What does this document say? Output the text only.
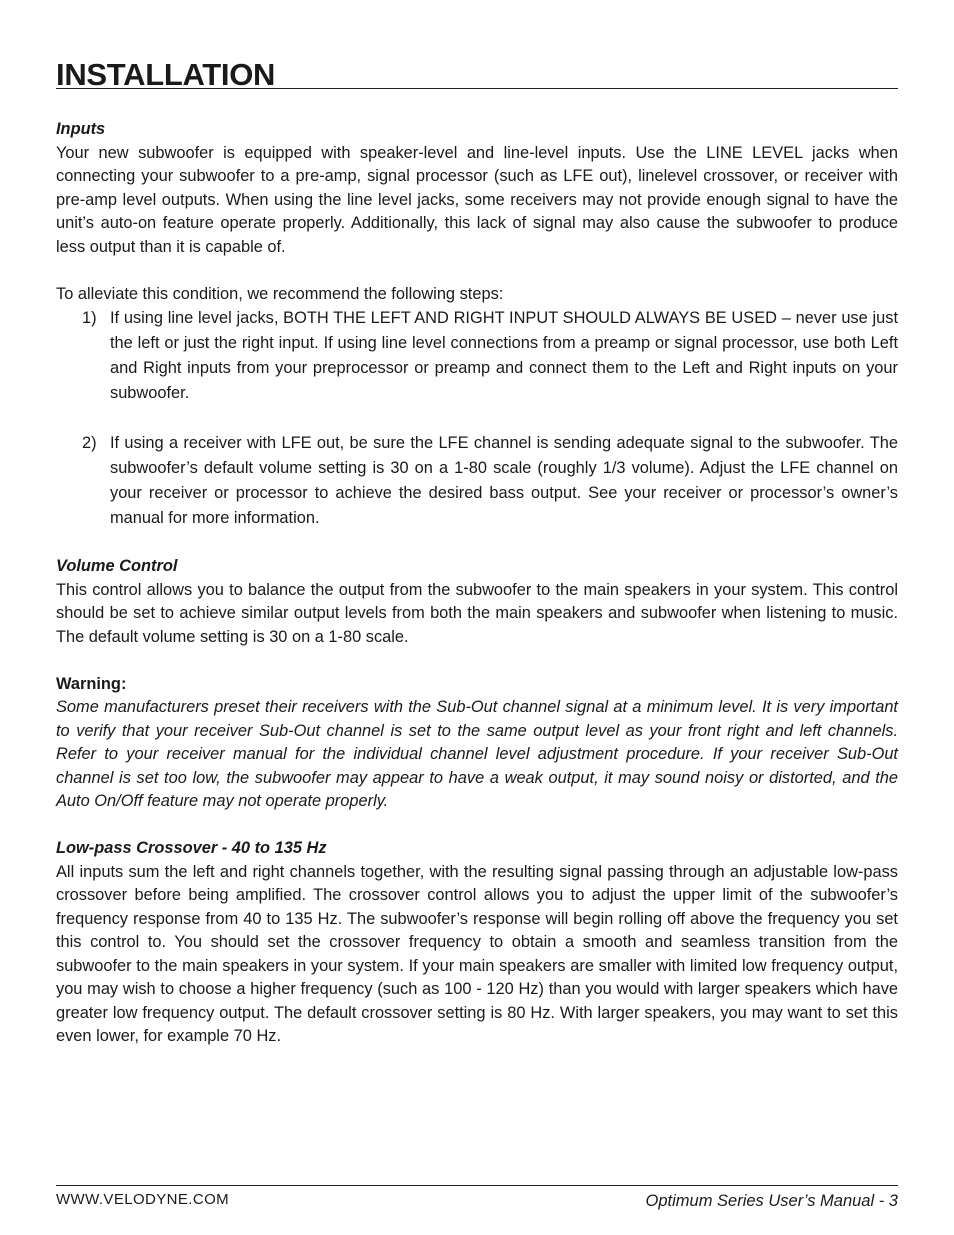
INSTALLATION
Inputs

Your new subwoofer is equipped with speaker-level and line-level inputs. Use the LINE LEVEL jacks when connecting your subwoofer to a pre-amp, signal processor (such as LFE out), linelevel crossover, or receiver with pre-amp level outputs. When using the line level jacks, some receivers may not provide enough signal to have the unit’s auto-on feature operate properly. Additionally, this lack of signal may also cause the subwoofer to produce less output than it is capable of.

To alleviate this condition, we recommend the following steps:

1) If using line level jacks, BOTH THE LEFT AND RIGHT INPUT SHOULD ALWAYS BE USED – never use just the left or just the right input. If using line level connections from a preamp or signal processor, use both Left and Right inputs from your preprocessor or preamp and connect them to the Left and Right inputs on your subwoofer.
2) If using a receiver with LFE out, be sure the LFE channel is sending adequate signal to the subwoofer. The subwoofer’s default volume setting is 30 on a 1-80 scale (roughly 1/3 volume). Adjust the LFE channel on your receiver or processor to achieve the desired bass output. See your receiver or processor’s owner’s manual for more information.
Volume Control

This control allows you to balance the output from the subwoofer to the main speakers in your system. This control should be set to achieve similar output levels from both the main speakers and subwoofer when listening to music. The default volume setting is 30 on a 1-80 scale.

Warning:

Some manufacturers preset their receivers with the Sub-Out channel signal at a minimum level. It is very important to verify that your receiver Sub-Out channel is set to the same output level as your front right and left channels. Refer to your receiver manual for the individual channel level adjustment procedure. If your receiver Sub-Out channel is set too low, the subwoofer may appear to have a weak output, it may sound noisy or distorted, and the Auto On/Off feature may not operate properly.

Low-pass Crossover - 40 to 135 Hz

All inputs sum the left and right channels together, with the resulting signal passing through an adjustable low-pass crossover before being amplified. The crossover control allows you to adjust the upper limit of the subwoofer’s frequency response from 40 to 135 Hz. The subwoofer’s response will begin rolling off above the frequency you set this control to. You should set the crossover frequency to obtain a smooth and seamless transition from the subwoofer to the main speakers in your system. If your main speakers are smaller with limited low frequency output, you may wish to choose a higher frequency (such as 100 - 120 Hz) than you would with larger speakers which have greater low frequency output. The default crossover setting is 80 Hz. With larger speakers, you may want to set this even lower, for example 70 Hz.

WWW.VELODYNE.COM	Optimum Series User’s Manual - 3
